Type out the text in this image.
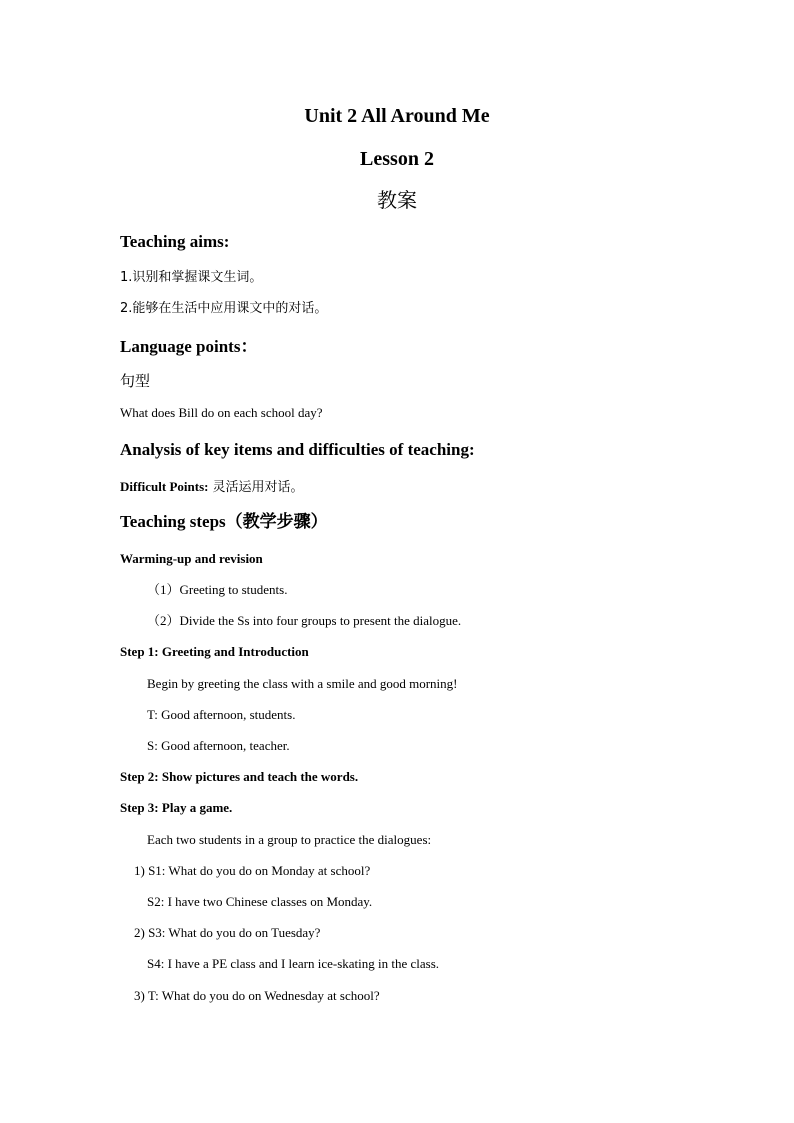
Unit 2 All Around Me
Lesson 2
教案
Teaching aims:
1.识别和掌握课文生词。
2.能够在生活中应用课文中的对话。
Language points：
句型
What does Bill do on each school day?
Analysis of key items and difficulties of teaching:
Difficult Points: 灵活运用对话。
Teaching steps（教学步骤）
Warming-up and revision
（1）Greeting to students.
（2）Divide the Ss into four groups to present the dialogue.
Step 1: Greeting and Introduction
Begin by greeting the class with a smile and good morning!
T: Good afternoon, students.
S: Good afternoon, teacher.
Step 2: Show pictures and teach the words.
Step 3: Play a game.
Each two students in a group to practice the dialogues:
1) S1: What do you do on Monday at school?
S2: I have two Chinese classes on Monday.
2) S3: What do you do on Tuesday?
S4: I have a PE class and I learn ice-skating in the class.
3) T: What do you do on Wednesday at school?
